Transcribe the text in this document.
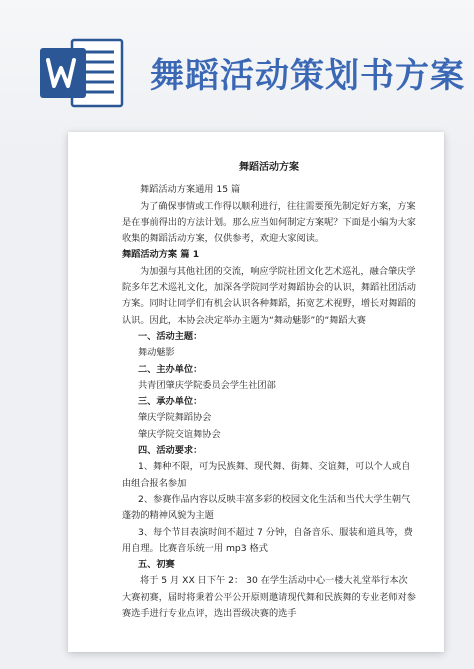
舞蹈活动策划书方案
舞蹈活动方案

舞蹈活动方案通用 15 篇

为了确保事情或工作得以顺利进行，往往需要预先制定好方案，方案是在事前得出的方法计划。那么应当如何制定方案呢？下面是小编为大家收集的舞蹈活动方案，仅供参考，欢迎大家阅读。

舞蹈活动方案 篇 1

为加强与其他社团的交流，响应学院社团文化艺术巡礼，融合肇庆学院多年艺术巡礼文化，加深各学院同学对舞蹈协会的认识，舞蹈社团活动方案。同时让同学们有机会认识各种舞蹈，拓宽艺术视野，增长对舞蹈的认识。因此，本协会决定举办主题为“舞动魅影”的“舞蹈大赛

一、活动主题：

舞动魅影

二、主办单位：

共青团肇庆学院委员会学生社团部

三、承办单位：

肇庆学院舞蹈协会

肇庆学院交谊舞协会

四、活动要求：

1、舞种不限，可为民族舞、现代舞、街舞、交谊舞，可以个人或自由组合报名参加

2、参赛作品内容以反映丰富多彩的校园文化生活和当代大学生朝气蓬勃的精神风貌为主题

3、每个节目表演时间不超过 7 分钟，自备音乐、服装和道具等，费用自理。比赛音乐统一用 mp3 格式

五、初赛

将于 5 月 XX 日下午 2： 30 在学生活动中心一楼大礼堂举行本次大赛初赛，届时将秉着公平公开原则邀请现代舞和民族舞的专业老师对参赛选手进行专业点评，选出晋级决赛的选手
